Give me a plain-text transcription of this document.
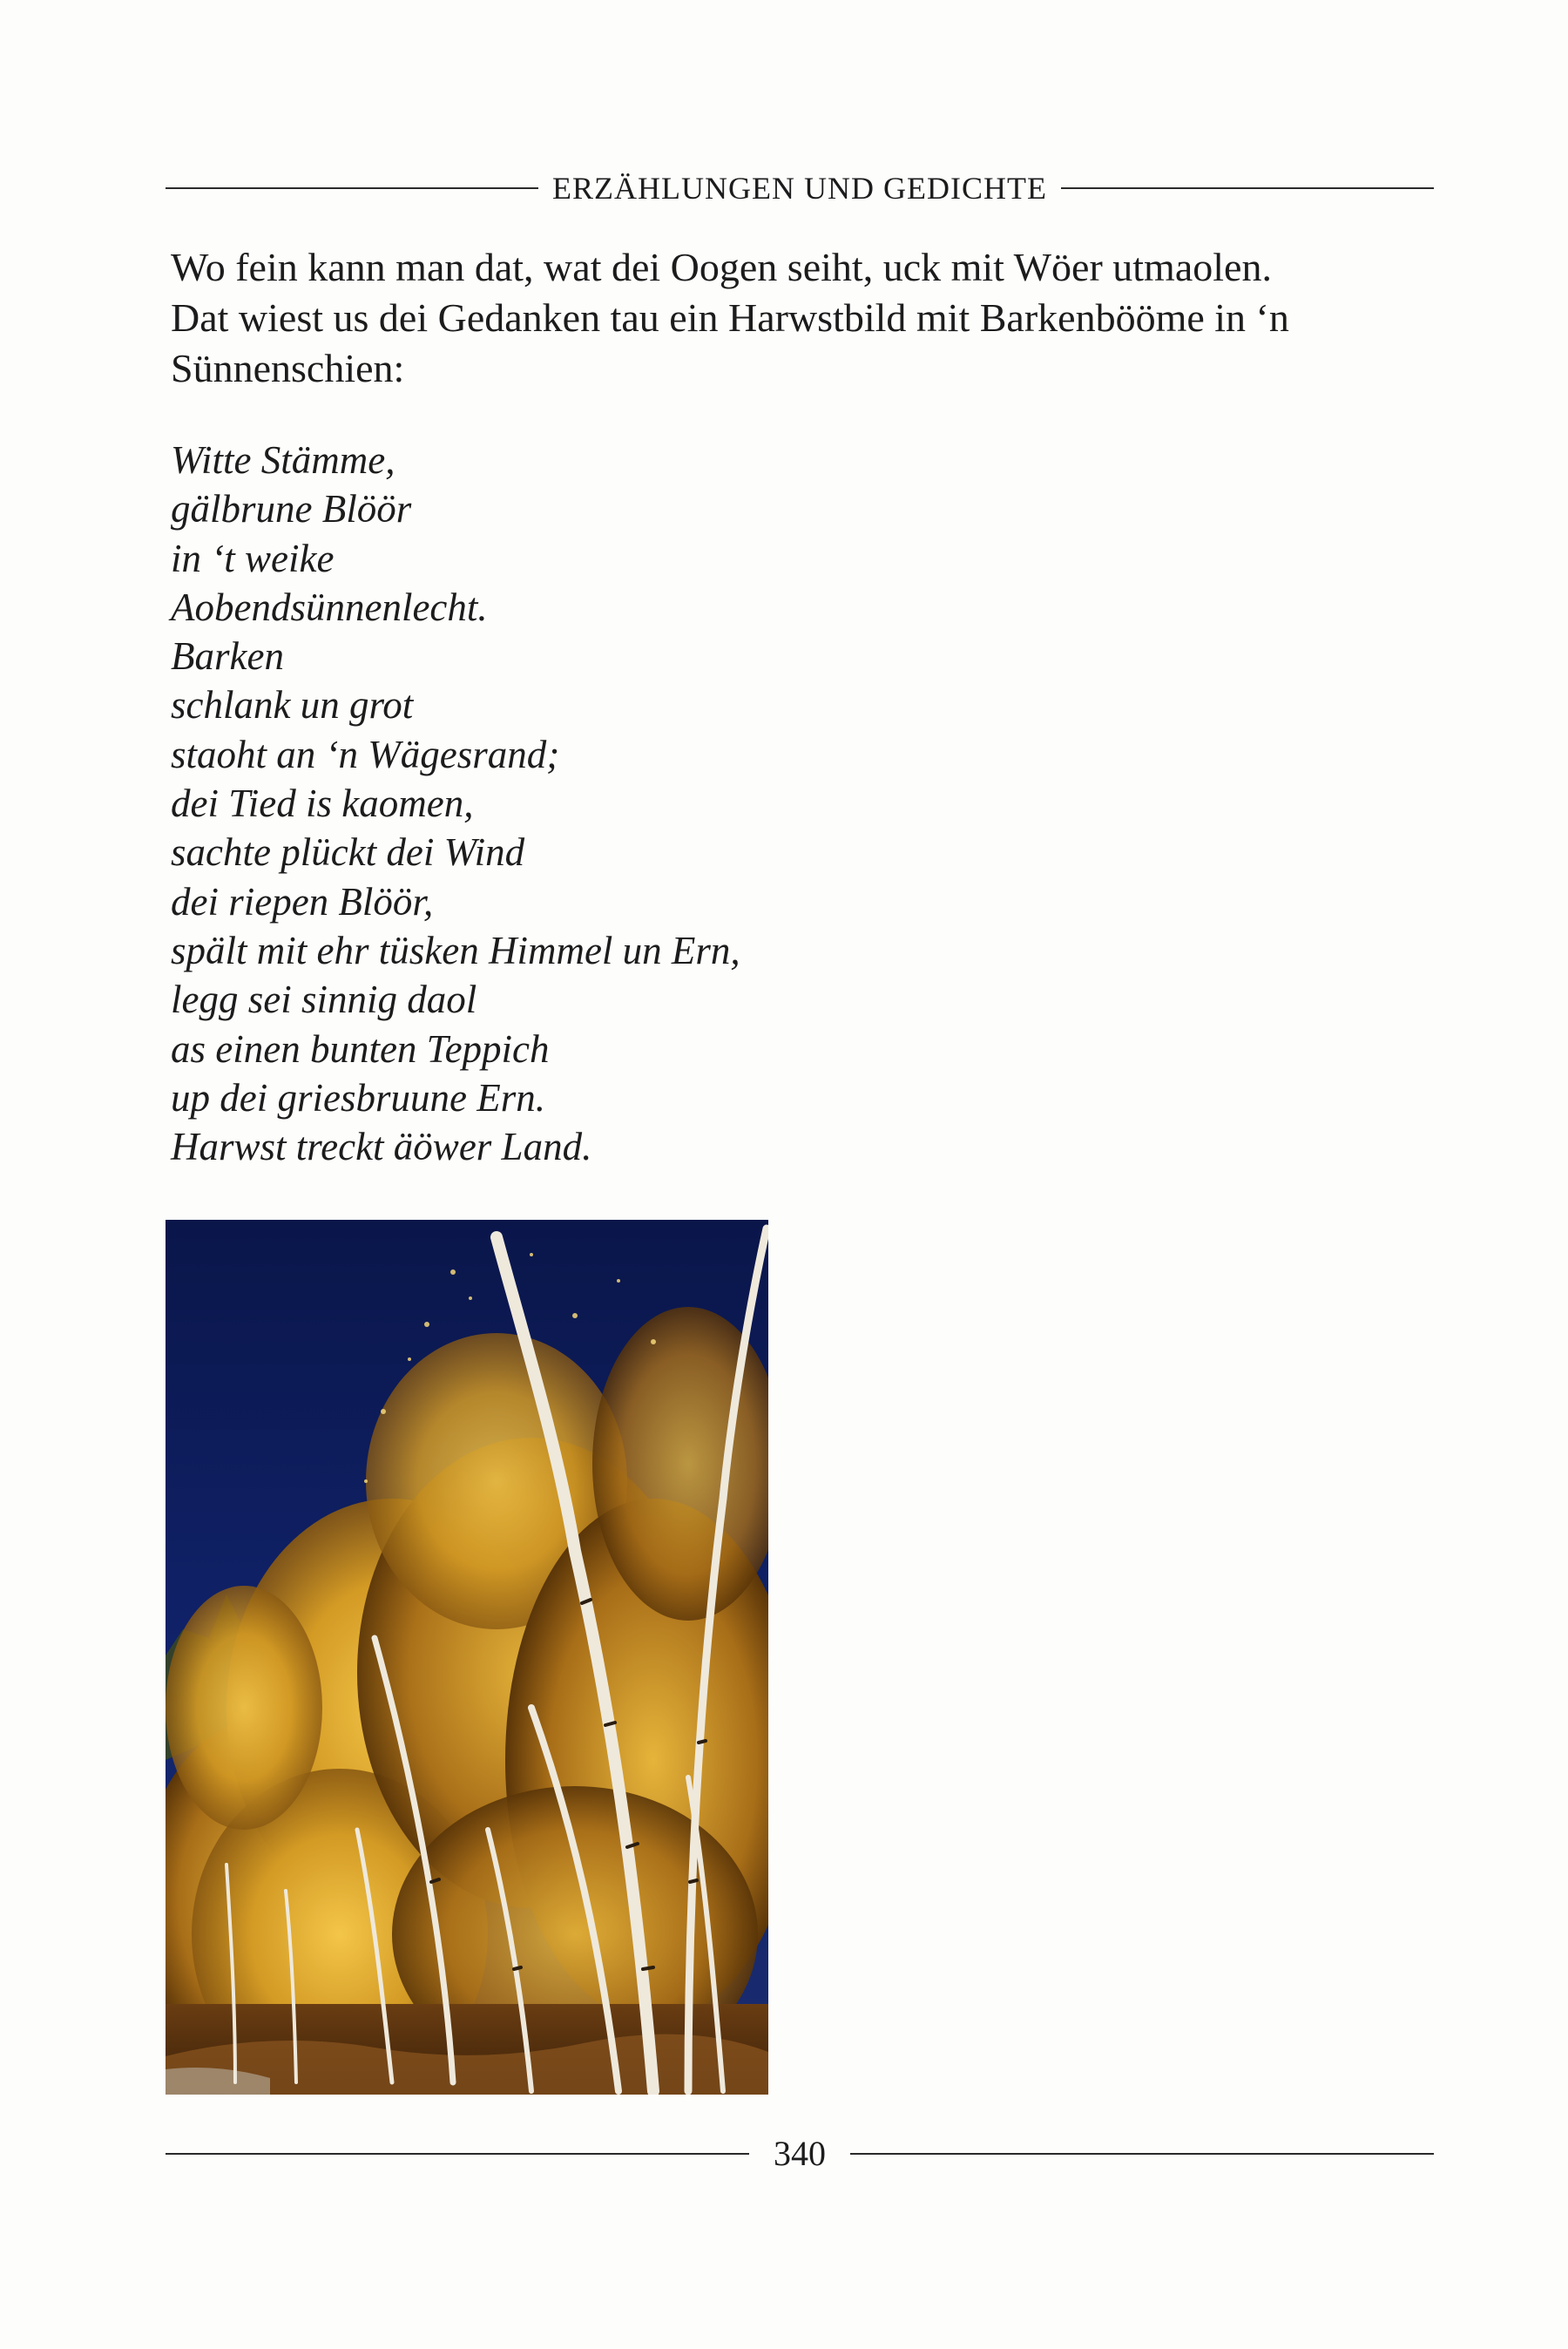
ERZÄHLUNGEN UND GEDICHTE

Wo fein kann man dat, wat dei Oogen seiht, uck mit Wöer utmaolen.

Dat wiest us dei Gedanken tau ein Harwstbild mit Barkenbööme in ‘n

Sünnenschien:

Witte Stämme,
gälbrune Blöör
in ‘t weike
Aobendsünnenlecht.
Barken
schlank un grot
staoht an ‘n Wägesrand;
dei Tied is kaomen,
sachte plückt dei Wind
dei riepen Blöör,
spält mit ehr tüsken Himmel un Ern,
legg sei sinnig daol
as einen bunten Teppich
up dei griesbruune Ern.
Harwst treckt äöwer Land.
340
